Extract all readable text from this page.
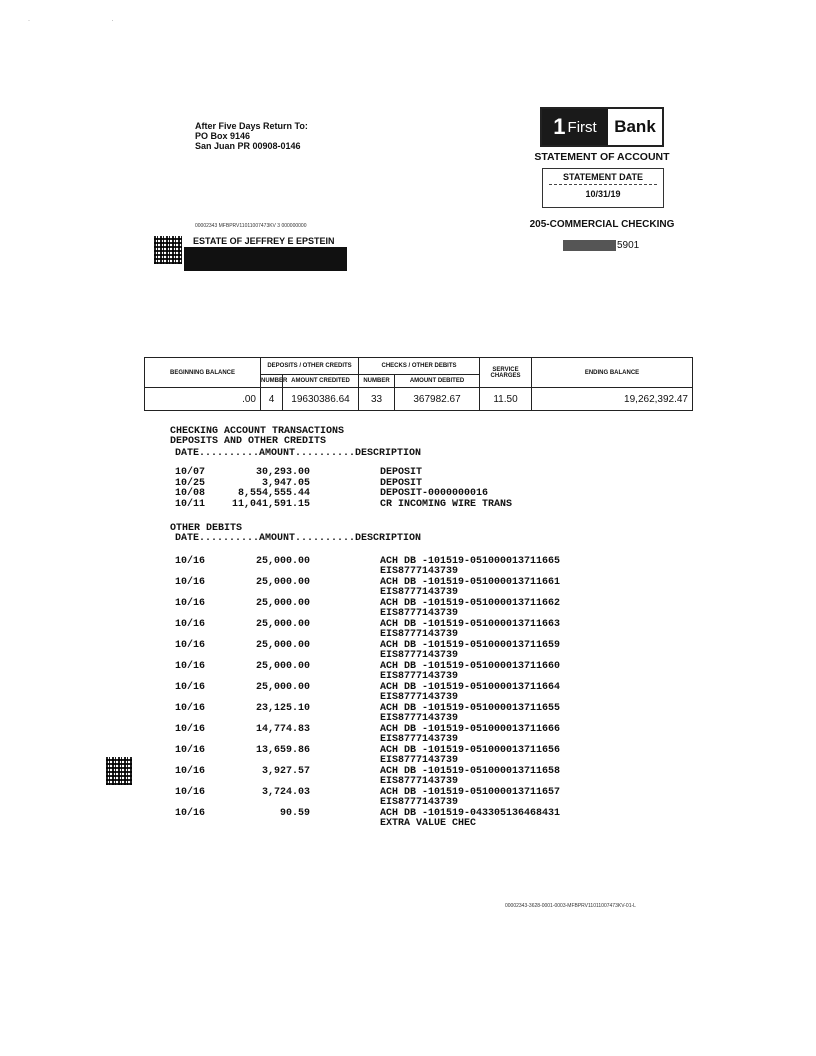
· ·
After Five Days Return To:
PO Box 9146
San Juan PR 00908-0146
1 First	Bank
STATEMENT OF ACCOUNT
STATEMENT DATE
10/31/19
205-COMMERCIAL CHECKING
5901
00002343 MFBPRV11011007473KV 3 000000000
ESTATE OF JEFFREY E EPSTEIN
BEGINNING BALANCE	DEPOSITS / OTHER CREDITS		CHECKS / OTHER DEBITS		SERVICE CHARGES	ENDING BALANCE
	NUMBER	AMOUNT CREDITED	NUMBER	AMOUNT DEBITED		
.00	4	19630386.64	33	367982.67	11.50	19,262,392.47
CHECKING ACCOUNT TRANSACTIONS
DEPOSITS AND OTHER CREDITS
DATE..........AMOUNT..........DESCRIPTION
10/07	30,293.00	DEPOSIT
10/25	3,947.05	DEPOSIT
10/08	8,554,555.44	DEPOSIT-0000000016
10/11	11,041,591.15	CR INCOMING WIRE TRANS
OTHER DEBITS
DATE..........AMOUNT..........DESCRIPTION
10/16	25,000.00	ACH DB -101519-051000013711665
EIS8777143739
10/16	25,000.00	ACH DB -101519-051000013711661
EIS8777143739
10/16	25,000.00	ACH DB -101519-051000013711662
EIS8777143739
10/16	25,000.00	ACH DB -101519-051000013711663
EIS8777143739
10/16	25,000.00	ACH DB -101519-051000013711659
EIS8777143739
10/16	25,000.00	ACH DB -101519-051000013711660
EIS8777143739
10/16	25,000.00	ACH DB -101519-051000013711664
EIS8777143739
10/16	23,125.10	ACH DB -101519-051000013711655
EIS8777143739
10/16	14,774.83	ACH DB -101519-051000013711666
EIS8777143739
10/16	13,659.86	ACH DB -101519-051000013711656
EIS8777143739
10/16	3,927.57	ACH DB -101519-051000013711658
EIS8777143739
10/16	3,724.03	ACH DB -101519-051000013711657
EIS8777143739
10/16	90.59	ACH DB -101519-043305136468431
EXTRA VALUE CHEC
00002343-3628-0001-0003-MFBPRV11011007473KV-01-L
